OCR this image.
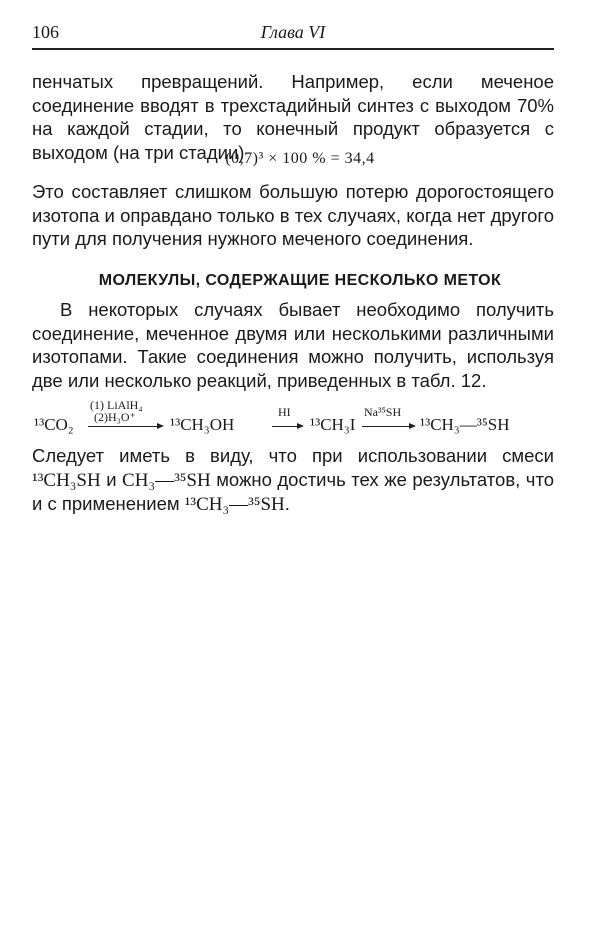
106	Глава VI
пенчатых превращений. Например, если меченое соединение вводят в трехстадийный синтез с выходом 70% на каждой стадии, то конечный продукт образуется с выходом (на три стадии)
(0,7)³ × 100 % = 34,4
Это составляет слишком большую потерю дорогостоящего изотопа и оправдано только в тех случаях, когда нет другого пути для получения нужного меченого соединения.
МОЛЕКУЛЫ, СОДЕРЖАЩИЕ НЕСКОЛЬКО МЕТОК
В некоторых случаях бывает необходимо получить соединение, меченное двумя или несколькими различными изотопами. Такие соединения можно получить, используя две или несколько реакций, приведенных в табл. 12.
¹³CO₂
(1) LiAlH₄
(2)H₃O⁺ ¹³CH₃OH
HI
→ ¹³CH₃I
Na³⁵SH
→ ¹³CH₃—³⁵SH
Следует иметь в виду, что при использовании смеси ¹³CH₃SH и CH₃—³⁵SH можно достичь тех же результатов, что и с применением ¹³CH₃—³⁵SH.
